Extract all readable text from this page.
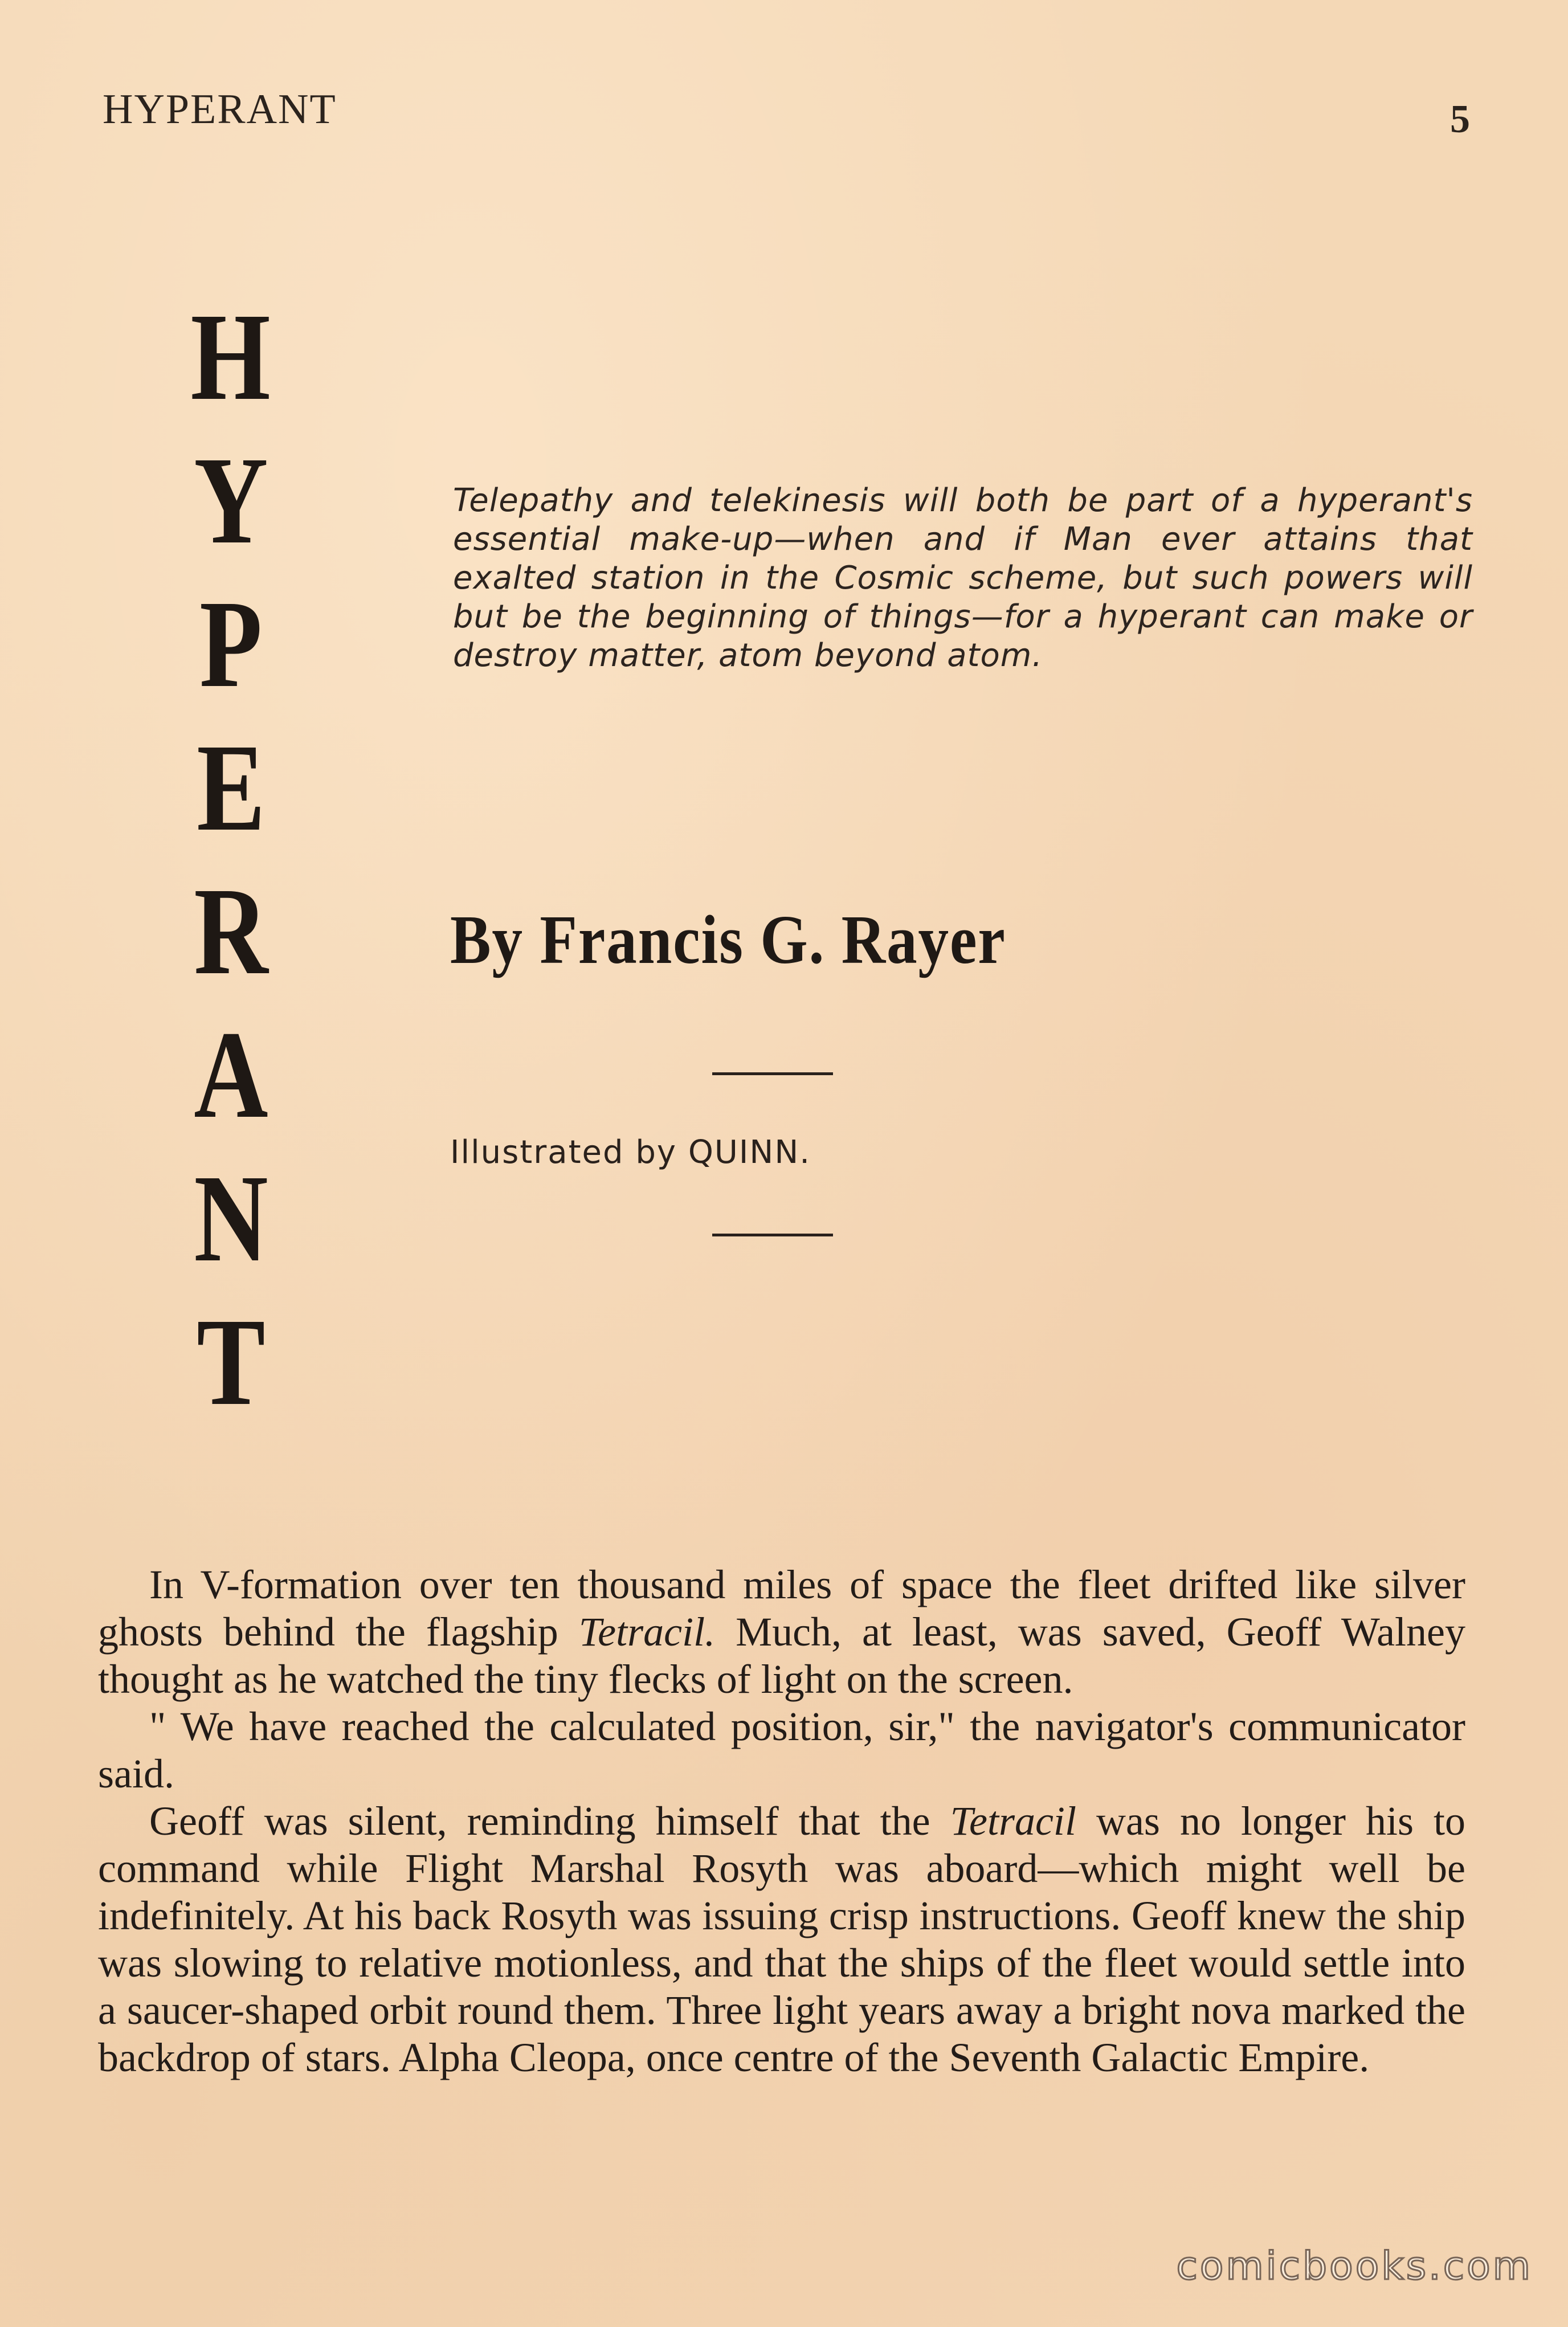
HYPERANT	5
H
Y
P
E
R
A
N
T
Telepathy and telekinesis will both be part of a hyperant's essential make-up—when and if Man ever attains that exalted station in the Cosmic scheme, but such powers will but be the beginning of things—for a hyperant can make or destroy matter, atom beyond atom.
By Francis G. Rayer
Illustrated by QUINN.

In V-formation over ten thousand miles of space the fleet drifted like silver ghosts behind the flagship Tetracil. Much, at least, was saved, Geoff Walney thought as he watched the tiny flecks of light on the screen.

" We have reached the calculated position, sir," the navigator's communicator said.

Geoff was silent, reminding himself that the Tetracil was no longer his to command while Flight Marshal Rosyth was aboard—which might well be indefinitely. At his back Rosyth was issuing crisp instructions. Geoff knew the ship was slowing to relative motionless, and that the ships of the fleet would settle into a saucer-shaped orbit round them. Three light years away a bright nova marked the backdrop of stars. Alpha Cleopa, once centre of the Seventh Galactic Empire.

comicbooks.com
